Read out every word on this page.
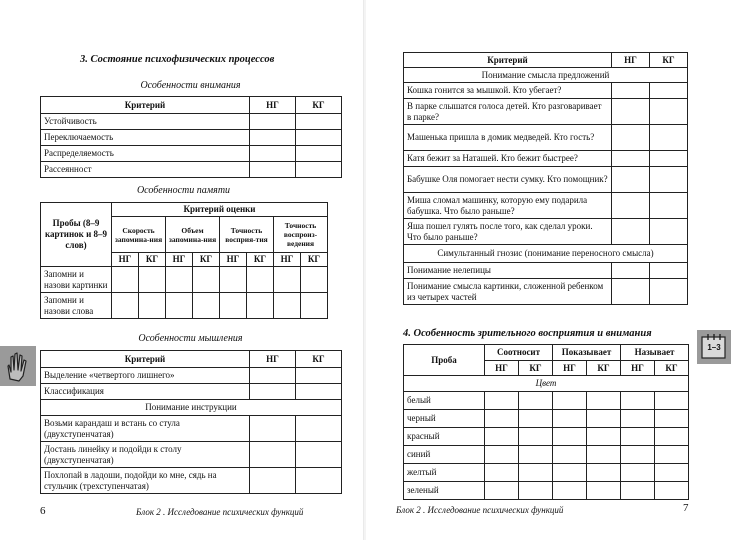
3. Состояние психофизических процессов
Особенности внимания
Критерий	НГ	КГ
Устойчивость		
Переключаемость		
Распределяемость		
Рассеянност		
Особенности памяти
Пробы (8–9 картинок и 8–9 слов)	Критерий оценки							
	Скорость запомина-ния		Объем запомина-ния		Точность восприя-тия		Точность воспроиз-ведения	
	НГ	КГ	НГ	КГ	НГ	КГ	НГ	КГ
Запомни и назови картинки								
Запомни и назови слова								
Особенности мышления
Критерий	НГ	КГ
Выделение «четвертого лишнего»		
Классификация		
Понимание инструкции		
Возьми карандаш и встань со стула (двухступенчатая)		
Достань линейку и подойди к столу (двухступенчатая)		
Похлопай в ладоши, подойди ко мне, сядь на стульчик (трехступенчатая)		
6	Блок 2 . Исследование психических функций
Критерий	НГ	КГ
Понимание смысла предложений		
Кошка гонится за мышкой. Кто убегает?		
В парке слышатся голоса детей. Кто разговаривает в парке?		
Машенька пришла в домик медведей. Кто гость?		
Катя бежит за Наташей. Кто бежит быстрее?		
Бабушке Оля помогает нести сумку. Кто помощник?		
Миша сломал машинку, которую ему подарила бабушка. Что было раньше?		
Яша пошел гулять после того, как сделал уроки. Что было раньше?		
Симультанный гнозис (понимание переносного смысла)		
Понимание нелепицы		
Понимание смысла картинки, сложенной ребенком из четырех частей		
4. Особенность зрительного восприятия и внимания
Проба	Соотносит		Показывает		Называет	
	НГ	КГ	НГ	КГ	НГ	КГ
Цвет						
белый						
черный						
красный						
синий						
желтый						
зеленый						
Блок 2 . Исследование психических функций	7
1–3
